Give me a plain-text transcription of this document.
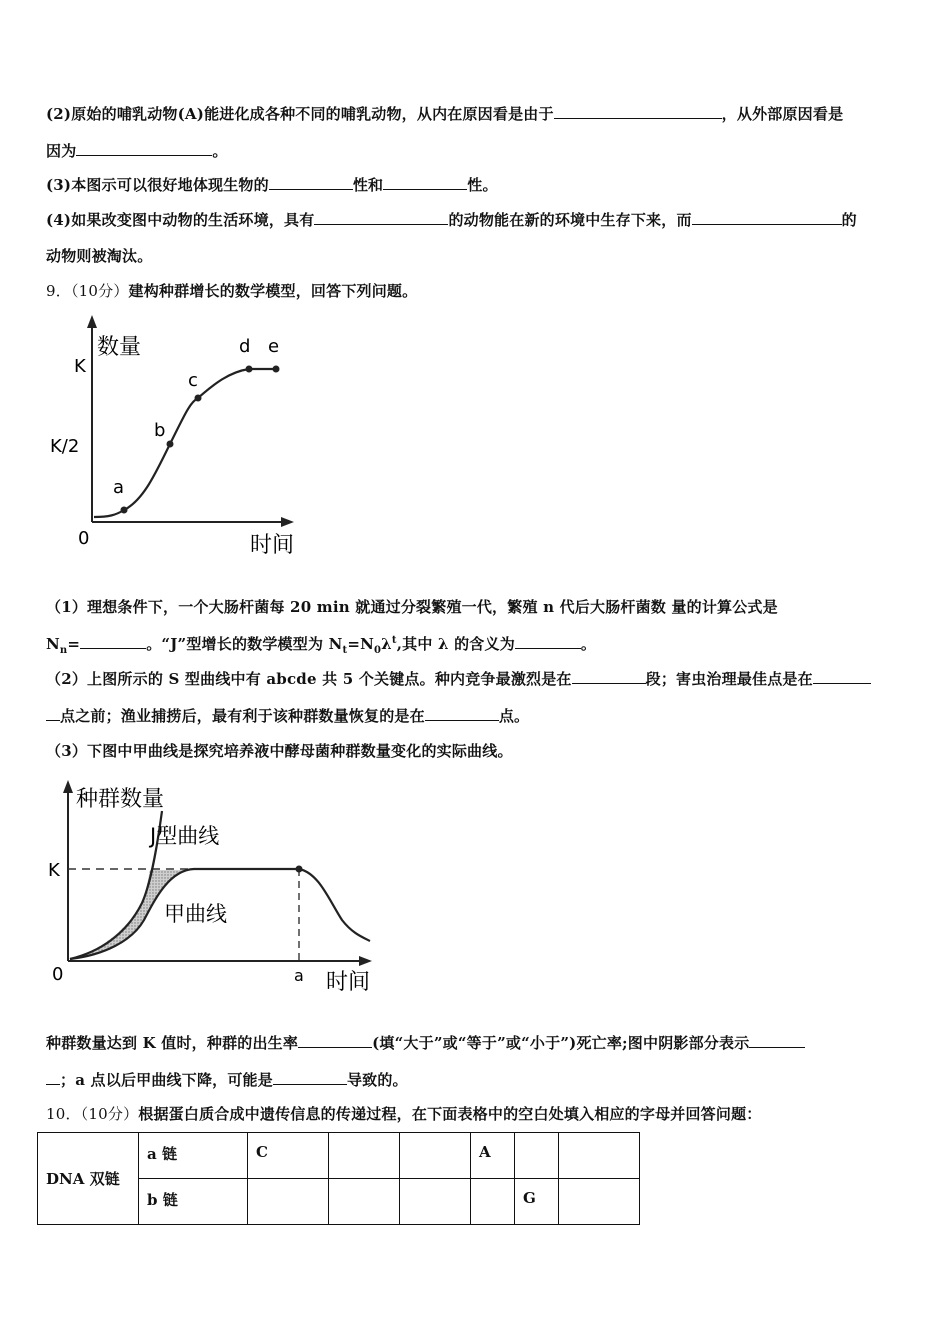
(2)原始的哺乳动物(A)能进化成各种不同的哺乳动物，从内在原因看是由于	，从外部原因看是
因为	。
(3)本图示可以很好地体现生物的	性和	性。
(4)如果改变图中动物的生活环境，具有	的动物能在新的环境中生存下来，而	的
动物则被淘汰。
9．（10分）建构种群增长的数学模型，回答下列问题。
数量
时间
0
K
K/2
a
b
c
d e
（1）理想条件下，一个大肠杆菌每 20 min 就通过分裂繁殖一代，繁殖 n 代后大肠杆菌数 量的计算公式是
$N_n=$	。“J”型增长的数学模型为 $N_t=N_0\lambda^t$,其中 λ 的含义为	。
（2）上图所示的 S 型曲线中有 abcde 共 5 个关键点。种内竞争最激烈是在	段；害虫治理最佳点是在
点之前；渔业捕捞后，最有利于该种群数量恢复的是在	点。
（3）下图中甲曲线是探究培养液中酵母菌种群数量变化的实际曲线。
种群数量
时间
0
K
a
J型曲线
甲曲线
种群数量达到 K 值时，种群的出生率	(填“大于”或“等于”或“小于”)死亡率;图中阴影部分表示
；a 点以后甲曲线下降，可能是	导致的。
10．（10分）根据蛋白质合成中遗传信息的传递过程，在下面表格中的空白处填入相应的字母并回答问题：
DNA 双链	a 链	C			A		
	b 链					G	
